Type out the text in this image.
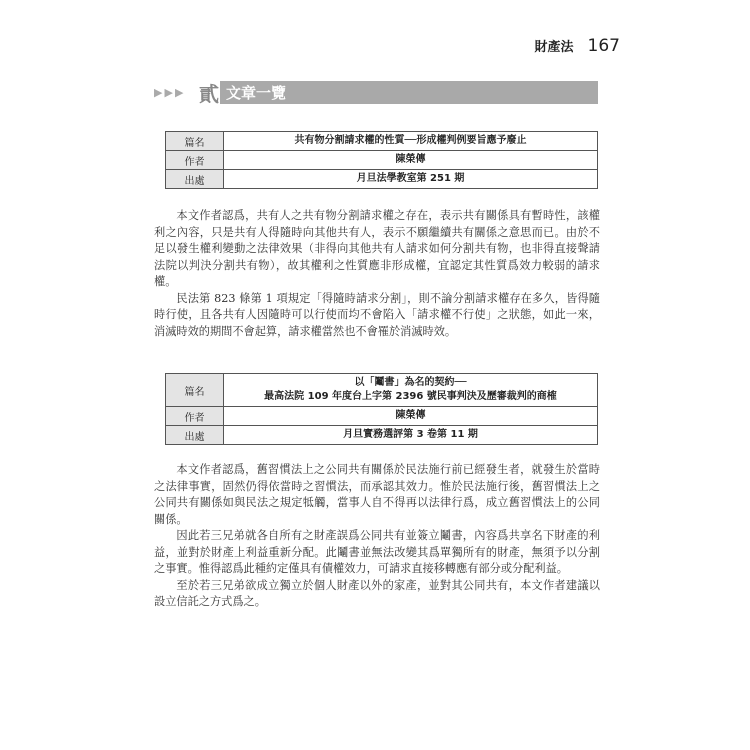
財產法 167
▶ ▶ ▶ 貳 文章一覽
篇名	共有物分割請求權的性質──形成權判例要旨應予廢止

作者	陳榮傳

出處	月旦法學教室第 251 期

本文作者認爲，共有人之共有物分割請求權之存在，表示共有關係具有暫時性，該權利之內容，只是共有人得隨時向其他共有人，表示不願繼續共有關係之意思而已。由於不足以發生權利變動之法律效果（非得向其他共有人請求如何分割共有物，也非得直接聲請法院以判決分割共有物），故其權利之性質應非形成權，宜認定其性質爲效力較弱的請求權。

民法第 823 條第 1 項規定「得隨時請求分割」，則不論分割請求權存在多久，皆得隨時行使，且各共有人因隨時可以行使而均不會陷入「請求權不行使」之狀態，如此一來，消滅時效的期間不會起算，請求權當然也不會罹於消滅時效。

篇名	以「鬮書」為名的契約──
最高法院 109 年度台上字第 2396 號民事判決及歷審裁判的商榷

作者	陳榮傳

出處	月旦實務選評第 3 卷第 11 期

本文作者認爲，舊習慣法上之公同共有關係於民法施行前已經發生者，就發生於當時之法律事實，固然仍得依當時之習慣法，而承認其效力。惟於民法施行後，舊習慣法上之公同共有關係如與民法之規定牴觸，當事人自不得再以法律行爲，成立舊習慣法上的公同關係。

因此若三兄弟就各自所有之財產誤爲公同共有並簽立鬮書，內容爲共享名下財產的利益，並對於財產上利益重新分配。此鬮書並無法改變其爲單獨所有的財產，無須予以分割之事實。惟得認爲此種約定僅具有債權效力，可請求直接移轉應有部分或分配利益。

至於若三兄弟欲成立獨立於個人財產以外的家產，並對其公同共有，本文作者建議以設立信託之方式爲之。
